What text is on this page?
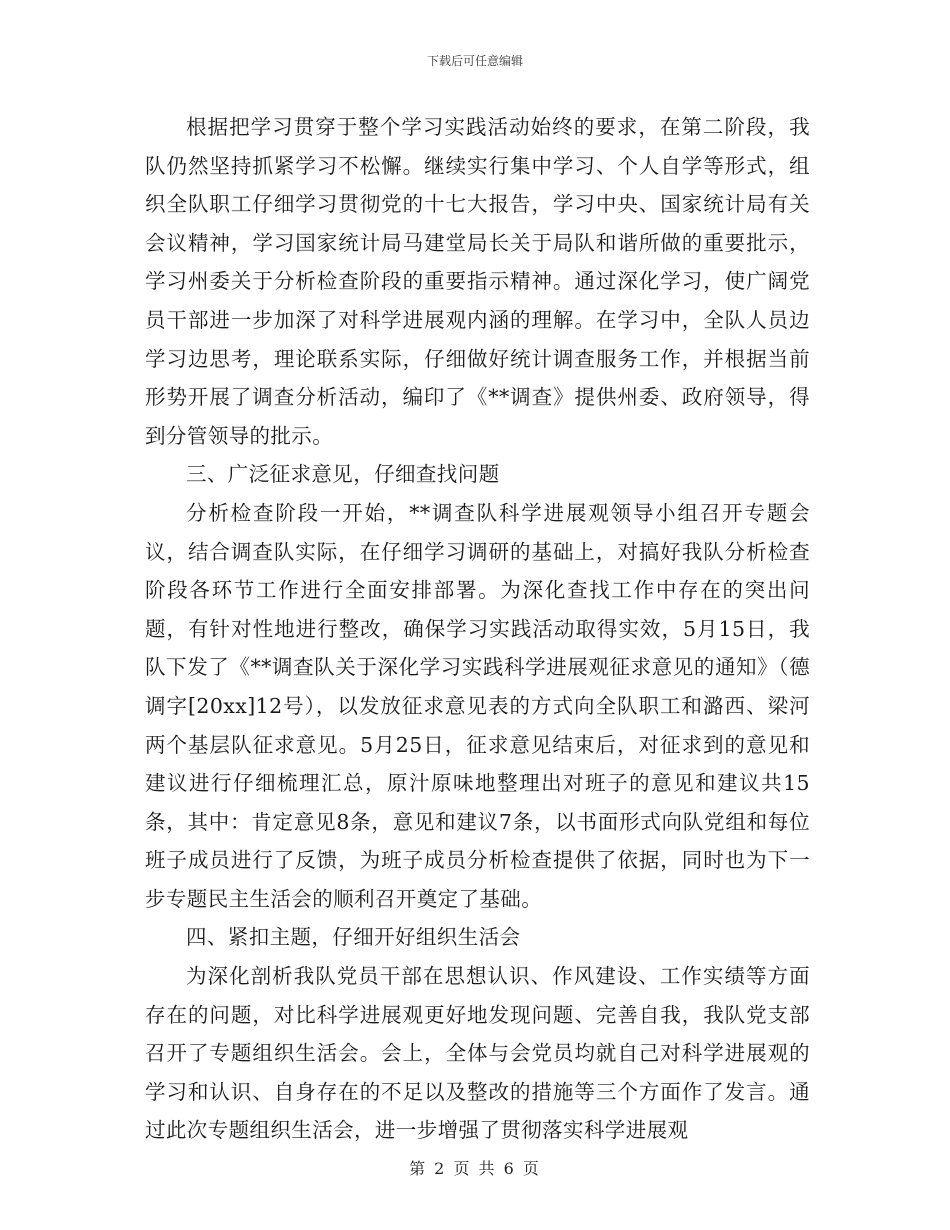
下载后可任意编辑

根据把学习贯穿于整个学习实践活动始终的要求，在第二阶段，我队仍然坚持抓紧学习不松懈。继续实行集中学习、个人自学等形式，组织全队职工仔细学习贯彻党的十七大报告，学习中央、国家统计局有关会议精神，学习国家统计局马建堂局长关于局队和谐所做的重要批示，学习州委关于分析检查阶段的重要指示精神。通过深化学习，使广阔党员干部进一步加深了对科学进展观内涵的理解。在学习中，全队人员边学习边思考，理论联系实际，仔细做好统计调查服务工作，并根据当前形势开展了调查分析活动，编印了《**调查》提供州委、政府领导，得到分管领导的批示。

三、广泛征求意见，仔细查找问题

分析检查阶段一开始，**调查队科学进展观领导小组召开专题会议，结合调查队实际，在仔细学习调研的基础上，对搞好我队分析检查阶段各环节工作进行全面安排部署。为深化查找工作中存在的突出问题，有针对性地进行整改，确保学习实践活动取得实效，5月15日，我队下发了《**调查队关于深化学习实践科学进展观征求意见的通知》（德调字[20xx]12号），以发放征求意见表的方式向全队职工和潞西、梁河两个基层队征求意见。5月25日，征求意见结束后，对征求到的意见和建议进行仔细梳理汇总，原汁原味地整理出对班子的意见和建议共15条，其中：肯定意见8条，意见和建议7条，以书面形式向队党组和每位班子成员进行了反馈，为班子成员分析检查提供了依据，同时也为下一步专题民主生活会的顺利召开奠定了基础。

四、紧扣主题，仔细开好组织生活会

为深化剖析我队党员干部在思想认识、作风建设、工作实绩等方面存在的问题，对比科学进展观更好地发现问题、完善自我，我队党支部召开了专题组织生活会。会上，全体与会党员均就自己对科学进展观的学习和认识、自身存在的不足以及整改的措施等三个方面作了发言。通过此次专题组织生活会，进一步增强了贯彻落实科学进展观

第 2 页 共 6 页
